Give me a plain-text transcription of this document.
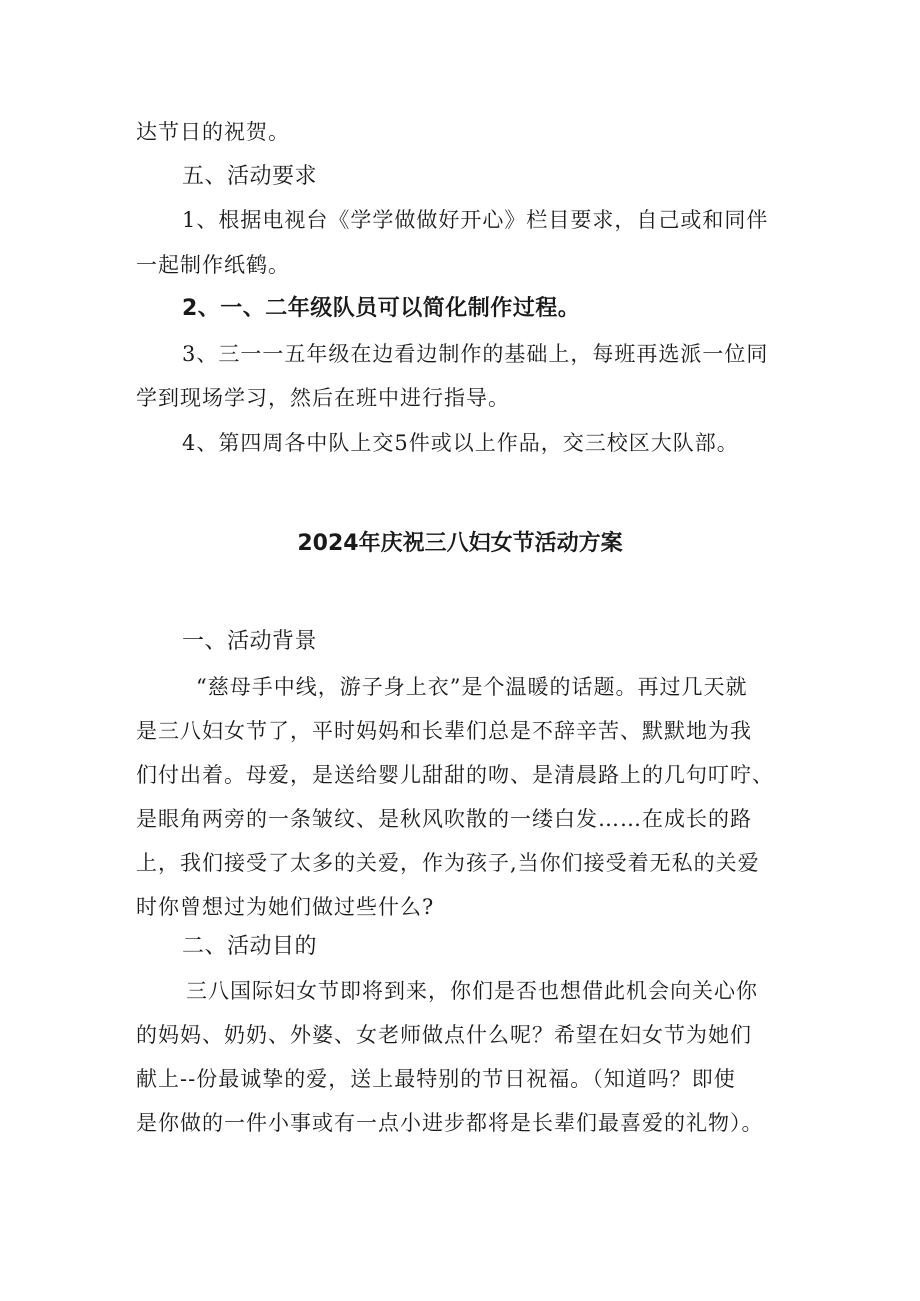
达节日的祝贺。
五、活动要求
1、根据电视台《学学做做好开心》栏目要求，自己或和同伴
一起制作纸鹤。
2、一、二年级队员可以简化制作过程。
3、三一一五年级在边看边制作的基础上，每班再选派一位同
学到现场学习，然后在班中进行指导。
4、第四周各中队上交5件或以上作品，交三校区大队部。
2024年庆祝三八妇女节活动方案
一、活动背景
“慈母手中线，游子身上衣”是个温暖的话题。再过几天就
是三八妇女节了，平时妈妈和长辈们总是不辞辛苦、默默地为我
们付出着。母爱，是送给婴儿甜甜的吻、是清晨路上的几句叮咛、
是眼角两旁的一条皱纹、是秋风吹散的一缕白发……在成长的路
上，我们接受了太多的关爱，作为孩子,当你们接受着无私的关爱
时你曾想过为她们做过些什么?
二、活动目的
三八国际妇女节即将到来，你们是否也想借此机会向关心你
的妈妈、奶奶、外婆、女老师做点什么呢？希望在妇女节为她们
献上--份最诚挚的爱，送上最特别的节日祝福。（知道吗？即使
是你做的一件小事或有一点小进步都将是长辈们最喜爱的礼物）。
